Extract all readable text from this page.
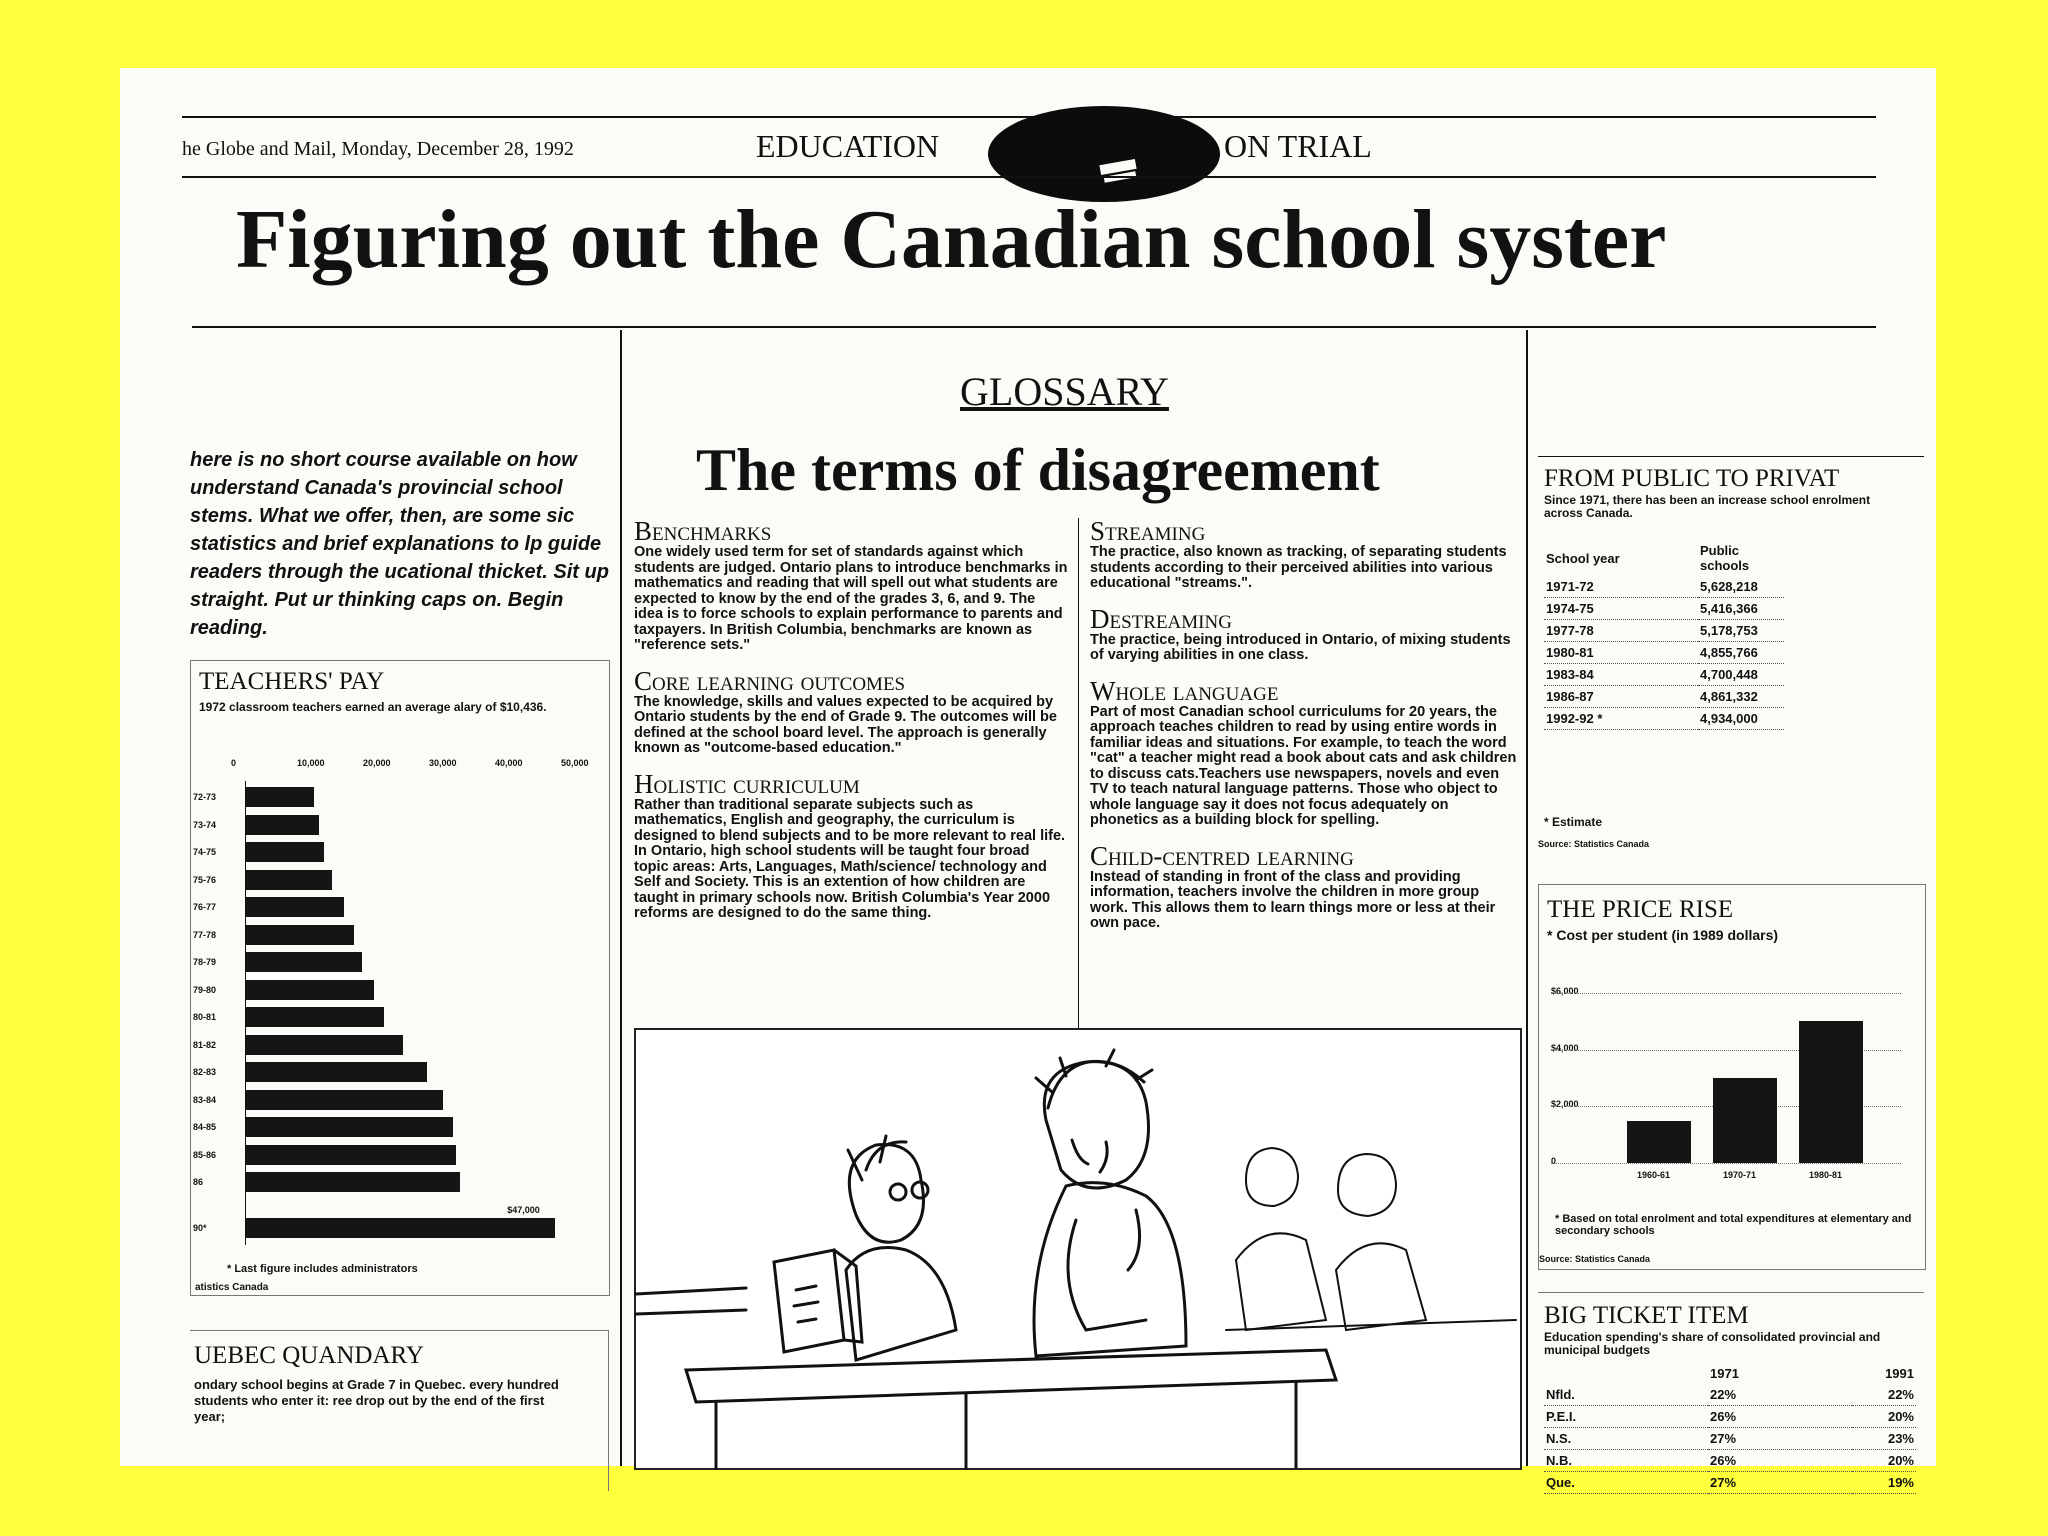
he Globe and Mail, Monday, December 28, 1992	EDUCATION	ON TRIAL
Figuring out the Canadian school syster
here is no short course available on how understand Canada's provincial school stems. What we offer, then, are some sic statistics and brief explanations to lp guide readers through the ucational thicket. Sit up straight. Put ur thinking caps on. Begin reading.
TEACHERS' PAY
1972 classroom teachers earned an average alary of $10,436.
0	10,000	20,000	30,000	40,000	50,000
72-73
73-74
74-75
75-76
76-77
77-78
78-79
79-80
80-81
81-82
82-83
83-84
84-85
85-86
86
90*
$47,000
* Last figure includes administrators
atistics Canada
UEBEC QUANDARY
ondary school begins at Grade 7 in Quebec. every hundred students who enter it: ree drop out by the end of the first year;
GLOSSARY
The terms of disagreement
Benchmarks
One widely used term for set of standards against which students are judged. Ontario plans to introduce benchmarks in mathematics and reading that will spell out what students are expected to know by the end of the grades 3, 6, and 9. The idea is to force schools to explain performance to parents and taxpayers. In British Columbia, benchmarks are known as "reference sets."
Core learning outcomes
The knowledge, skills and values expected to be acquired by Ontario students by the end of Grade 9. The outcomes will be defined at the school board level. The approach is generally known as "outcome-based education."
Holistic curriculum
Rather than traditional separate subjects such as mathematics, English and geography, the curriculum is designed to blend subjects and to be more relevant to real life. In Ontario, high school students will be taught four broad topic areas: Arts, Languages, Math/science/ technology and Self and Society. This is an extention of how children are taught in primary schools now. British Columbia's Year 2000 reforms are designed to do the same thing.
Streaming
The practice, also known as tracking, of separating students students according to their perceived abilities into various educational "streams.".
Destreaming
The practice, being introduced in Ontario, of mixing students of varying abilities in one class.
Whole language
Part of most Canadian school curriculums for 20 years, the approach teaches children to read by using entire words in familiar ideas and situations. For example, to teach the word "cat" a teacher might read a book about cats and ask children to discuss cats.Teachers use newspapers, novels and even TV to teach natural language patterns. Those who object to whole language say it does not focus adequately on phonetics as a building block for spelling.
Child-centred learning
Instead of standing in front of the class and providing information, teachers involve the children in more group work. This allows them to learn things more or less at their own pace.
FROM PUBLIC TO PRIVAT
Since 1971, there has been an increase school enrolment across Canada.
School year	Public schools
1971-72	5,628,218
1974-75	5,416,366
1977-78	5,178,753
1980-81	4,855,766
1983-84	4,700,448
1986-87	4,861,332
1992-92 *	4,934,000
* Estimate
Source: Statistics Canada
THE PRICE RISE
* Cost per student (in 1989 dollars)
0
$2,000
$4,000
$6,000
1960-61	1970-71	1980-81
* Based on total enrolment and total expenditures at elementary and secondary schools
Source: Statistics Canada
BIG TICKET ITEM
Education spending's share of consolidated provincial and municipal budgets
	1971	1991
Nfld.	22%	22%
P.E.I.	26%	20%
N.S.	27%	23%
N.B.	26%	20%
Que.	27%	19%
